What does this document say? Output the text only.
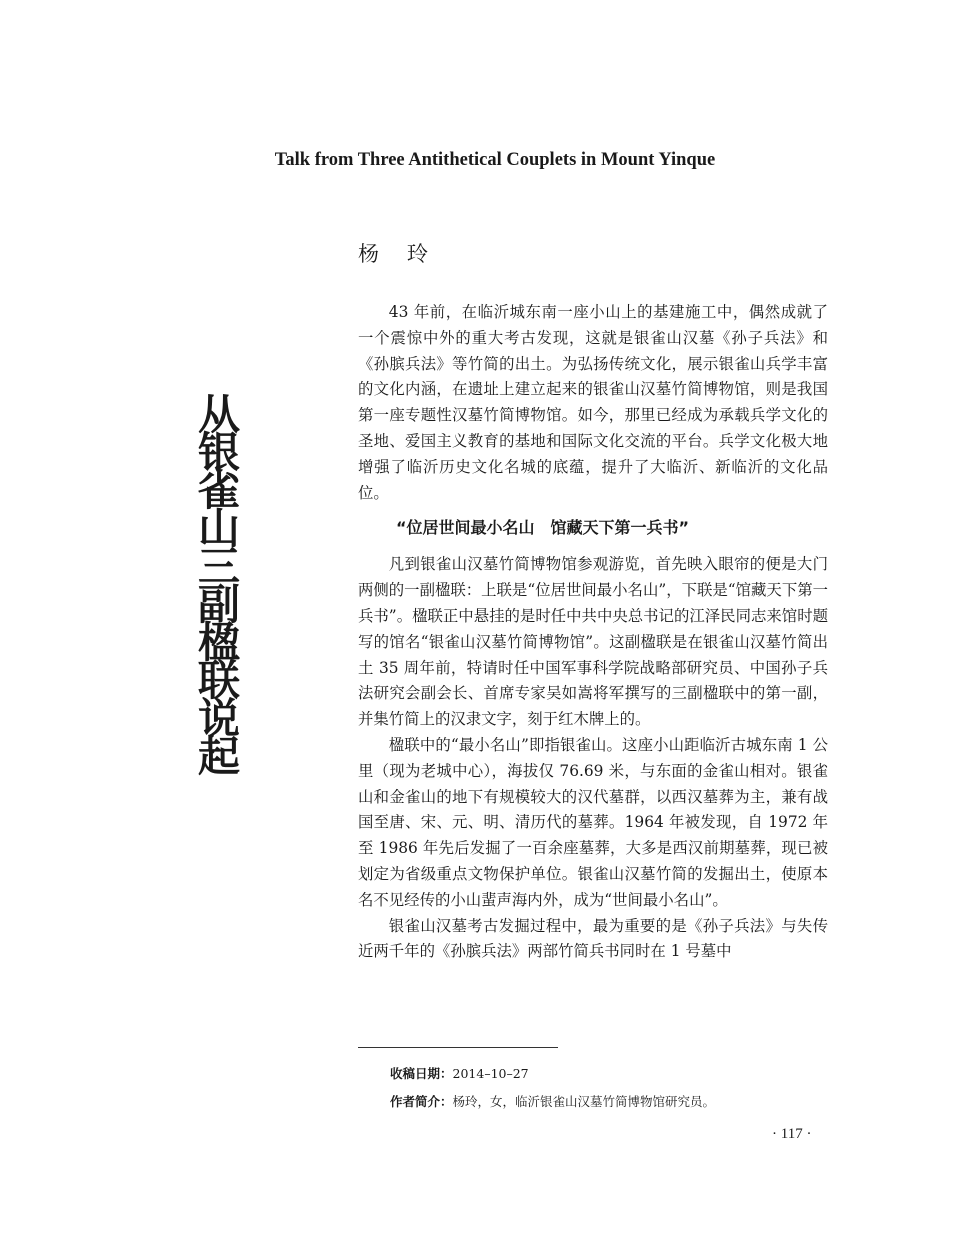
Talk from Three Antithetical Couplets in Mount Yinque
杨玲
从银雀山三副楹联说起

43 年前，在临沂城东南一座小山上的基建施工中，偶然成就了一个震惊中外的重大考古发现，这就是银雀山汉墓《孙子兵法》和《孙膑兵法》等竹简的出土。为弘扬传统文化，展示银雀山兵学丰富的文化内涵，在遗址上建立起来的银雀山汉墓竹简博物馆，则是我国第一座专题性汉墓竹简博物馆。如今，那里已经成为承载兵学文化的圣地、爱国主义教育的基地和国际文化交流的平台。兵学文化极大地增强了临沂历史文化名城的底蕴，提升了大临沂、新临沂的文化品位。

“位居世间最小名山　馆藏天下第一兵书”

凡到银雀山汉墓竹简博物馆参观游览，首先映入眼帘的便是大门两侧的一副楹联：上联是“位居世间最小名山”，下联是“馆藏天下第一兵书”。楹联正中悬挂的是时任中共中央总书记的江泽民同志来馆时题写的馆名“银雀山汉墓竹简博物馆”。这副楹联是在银雀山汉墓竹简出土 35 周年前，特请时任中国军事科学院战略部研究员、中国孙子兵法研究会副会长、首席专家吴如嵩将军撰写的三副楹联中的第一副，并集竹简上的汉隶文字，刻于红木牌上的。

楹联中的“最小名山”即指银雀山。这座小山距临沂古城东南 1 公里（现为老城中心），海拔仅 76.69 米，与东面的金雀山相对。银雀山和金雀山的地下有规模较大的汉代墓群，以西汉墓葬为主，兼有战国至唐、宋、元、明、清历代的墓葬。1964 年被发现，自 1972 年至 1986 年先后发掘了一百余座墓葬，大多是西汉前期墓葬，现已被划定为省级重点文物保护单位。银雀山汉墓竹简的发掘出土，使原本名不见经传的小山蜚声海内外，成为“世间最小名山”。

银雀山汉墓考古发掘过程中，最为重要的是《孙子兵法》与失传近两千年的《孙膑兵法》两部竹简兵书同时在 1 号墓中

收稿日期：2014–10–27
作者简介：杨玲，女，临沂银雀山汉墓竹简博物馆研究员。
· 117 ·
